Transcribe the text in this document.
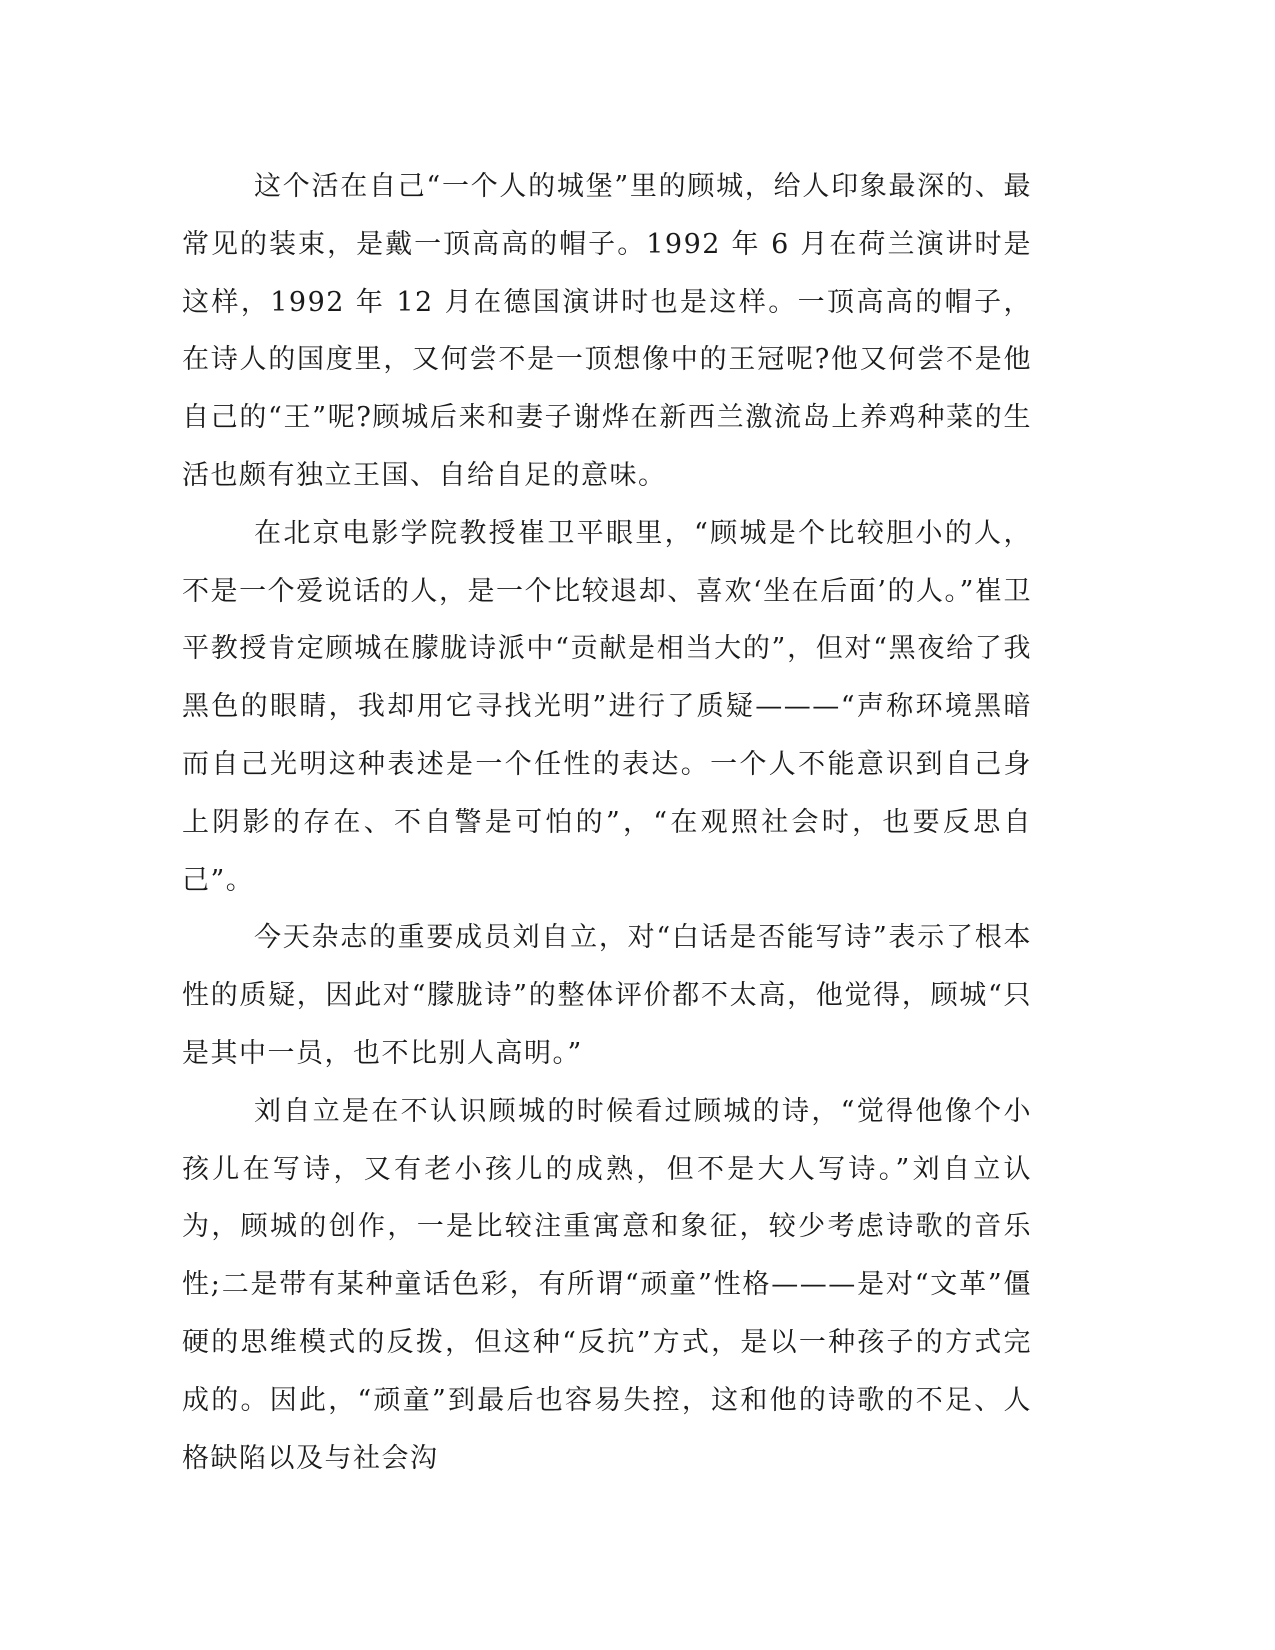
这个活在自己“一个人的城堡”里的顾城，给人印象最深的、最常见的装束，是戴一顶高高的帽子。1992 年 6 月在荷兰演讲时是这样，1992 年 12 月在德国演讲时也是这样。一顶高高的帽子，在诗人的国度里，又何尝不是一顶想像中的王冠呢?他又何尝不是他自己的“王”呢?顾城后来和妻子谢烨在新西兰激流岛上养鸡种菜的生活也颇有独立王国、自给自足的意味。

在北京电影学院教授崔卫平眼里，“顾城是个比较胆小的人，不是一个爱说话的人，是一个比较退却、喜欢‘坐在后面’的人。”崔卫平教授肯定顾城在朦胧诗派中“贡献是相当大的”，但对“黑夜给了我黑色的眼睛，我却用它寻找光明”进行了质疑———“声称环境黑暗而自己光明这种表述是一个任性的表达。一个人不能意识到自己身上阴影的存在、不自警是可怕的”，“在观照社会时，也要反思自己”。

今天杂志的重要成员刘自立，对“白话是否能写诗”表示了根本性的质疑，因此对“朦胧诗”的整体评价都不太高，他觉得，顾城“只是其中一员，也不比别人高明。”

刘自立是在不认识顾城的时候看过顾城的诗，“觉得他像个小孩儿在写诗，又有老小孩儿的成熟，但不是大人写诗。”刘自立认为，顾城的创作，一是比较注重寓意和象征，较少考虑诗歌的音乐性;二是带有某种童话色彩，有所谓“顽童”性格———是对“文革”僵硬的思维模式的反拨，但这种“反抗”方式，是以一种孩子的方式完成的。因此，“顽童”到最后也容易失控，这和他的诗歌的不足、人格缺陷以及与社会沟
